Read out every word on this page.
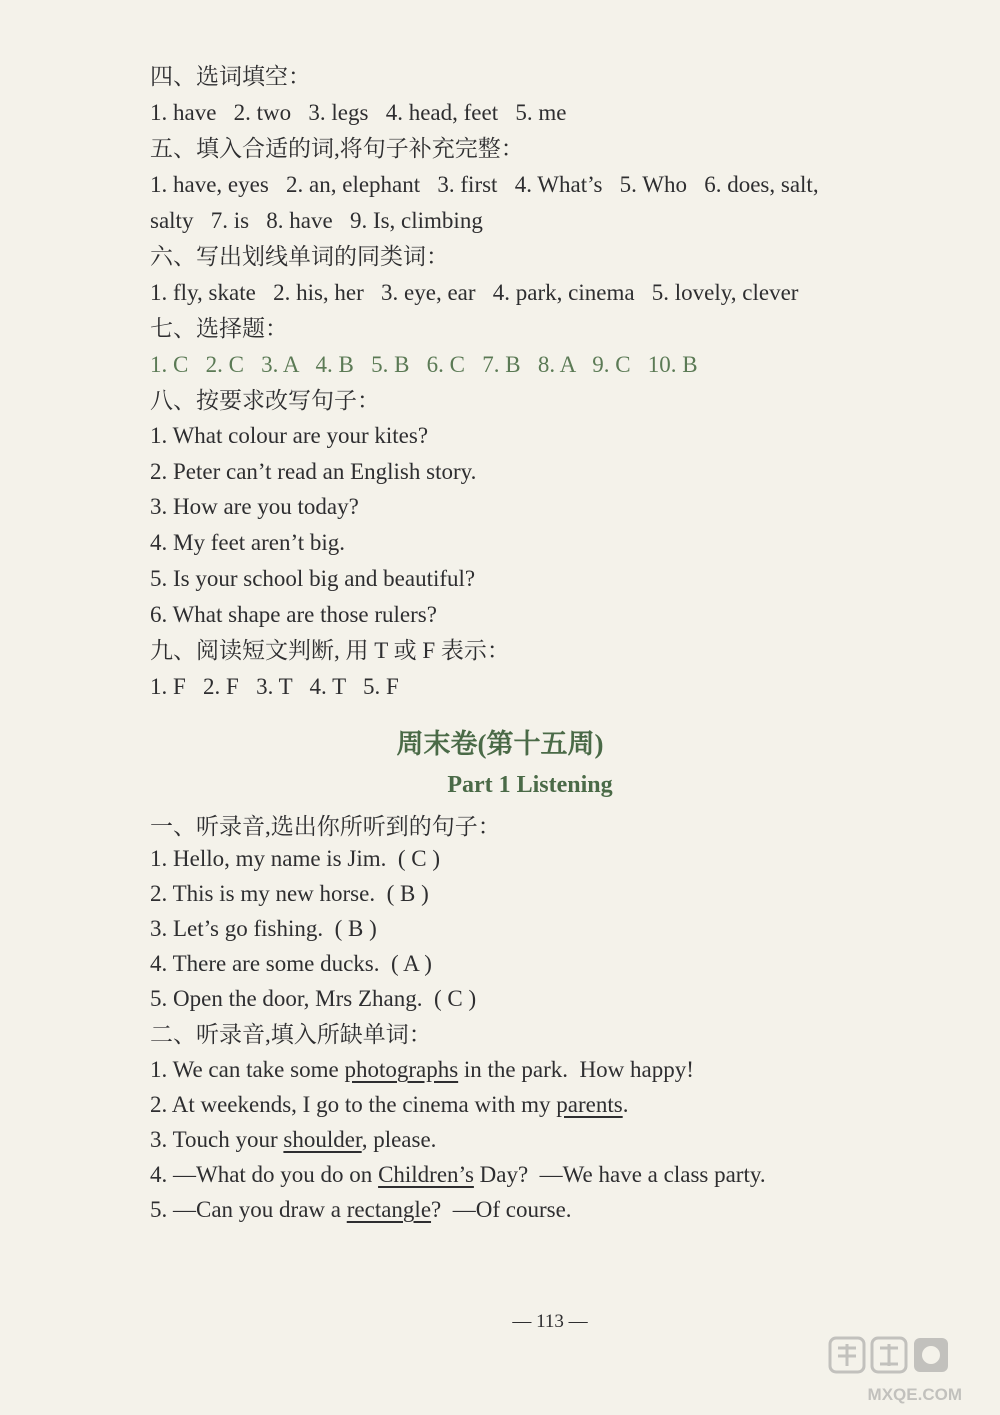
四、选词填空：
1. have   2. two   3. legs   4. head, feet   5. me
五、填入合适的词,将句子补充完整：
1. have, eyes   2. an, elephant   3. first   4. What’s   5. Who   6. does, salt,
salty   7. is   8. have   9. Is, climbing
六、写出划线单词的同类词：
1. fly, skate   2. his, her   3. eye, ear   4. park, cinema   5. lovely, clever
七、选择题：
1. C   2. C   3. A   4. B   5. B   6. C   7. B   8. A   9. C   10. B
八、按要求改写句子：
1. What colour are your kites?
2. Peter can’t read an English story.
3. How are you today?
4. My feet aren’t big.
5. Is your school big and beautiful?
6. What shape are those rulers?
九、阅读短文判断, 用 T 或 F 表示：
1. F   2. F   3. T   4. T   5. F
周末卷(第十五周)
Part 1 Listening
一、听录音,选出你所听到的句子：
1. Hello, my name is Jim.  ( C )
2. This is my new horse.  ( B )
3. Let’s go fishing.  ( B )
4. There are some ducks.  ( A )
5. Open the door, Mrs Zhang.  ( C )
二、听录音,填入所缺单词：
1. We can take some photographs in the park.  How happy!
2. At weekends, I go to the cinema with my parents.
3. Touch your shoulder, please.
4. —What do you do on Children’s Day?  —We have a class party.
5. —Can you draw a rectangle?  —Of course.
— 113 —
MXQE.COM
